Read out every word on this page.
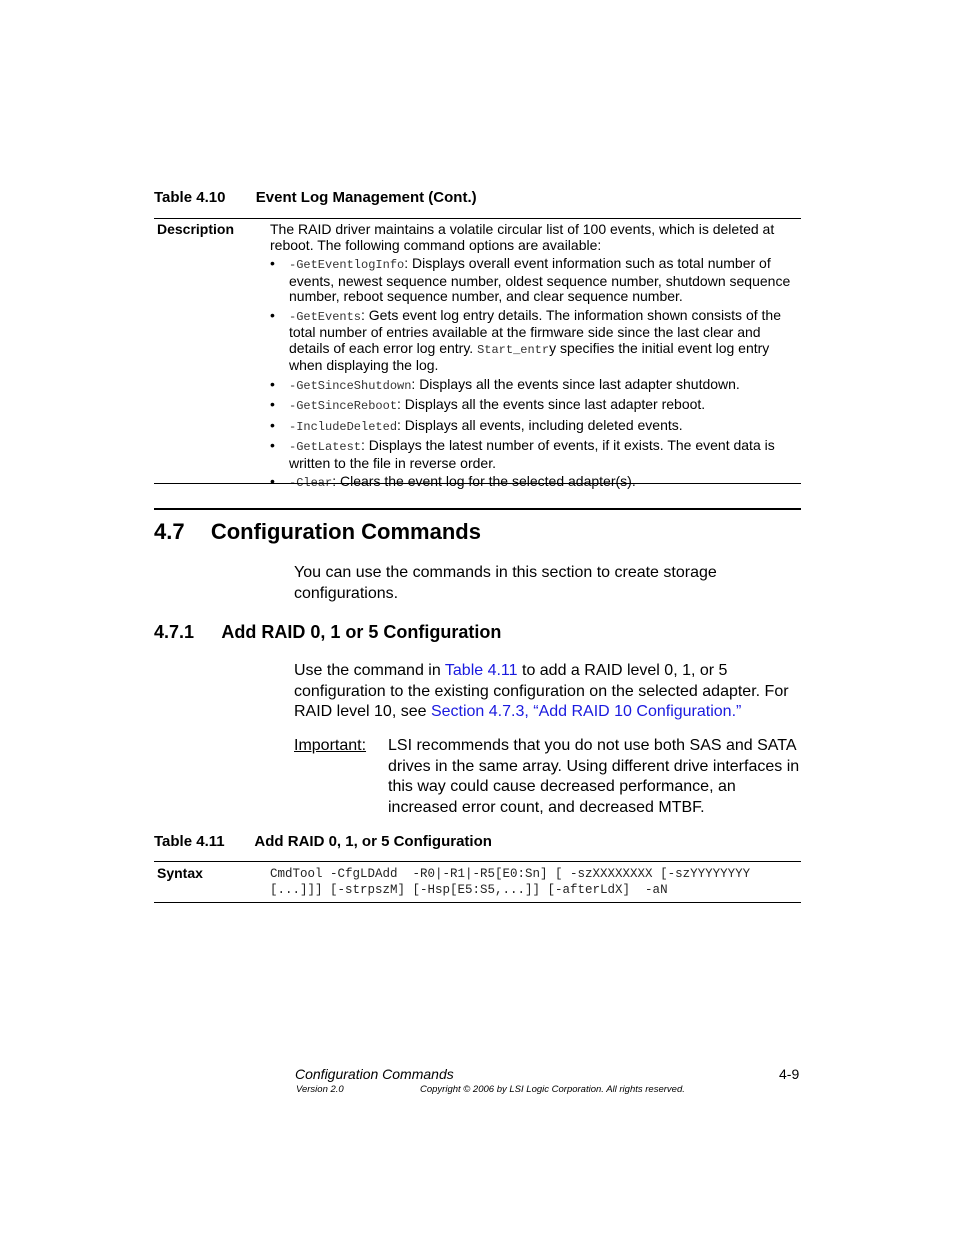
Table 4.10 Event Log Management (Cont.)
Description	The RAID driver maintains a volatile circular list of 100 events, which is deleted at reboot. The following command options are available:
• -GetEventlogInfo: Displays overall event information such as total number of events, newest sequence number, oldest sequence number, shutdown sequence number, reboot sequence number, and clear sequence number.
• -GetEvents: Gets event log entry details. The information shown consists of the total number of entries available at the firmware side since the last clear and details of each error log entry. Start_entry specifies the initial event log entry when displaying the log.
• -GetSinceShutdown: Displays all the events since last adapter shutdown.
• -GetSinceReboot: Displays all the events since last adapter reboot.
• -IncludeDeleted: Displays all events, including deleted events.
• -GetLatest: Displays the latest number of events, if it exists. The event data is written to the file in reverse order.
• -Clear: Clears the event log for the selected adapter(s).
4.7 Configuration Commands
You can use the commands in this section to create storage configurations.
4.7.1 Add RAID 0, 1 or 5 Configuration
Use the command in Table 4.11 to add a RAID level 0, 1, or 5 configuration to the existing configuration on the selected adapter. For RAID level 10, see Section 4.7.3, “Add RAID 10 Configuration.”
Important: LSI recommends that you do not use both SAS and SATA drives in the same array. Using different drive interfaces in this way could cause decreased performance, an increased error count, and decreased MTBF.
Table 4.11 Add RAID 0, 1, or 5 Configuration
Syntax	CmdTool -CfgLDAdd  -R0|-R1|-R5[E0:Sn] [ -szXXXXXXXX [-szYYYYYYYY
[...]]] [-strpszM] [-Hsp[E5:S5,...]] [-afterLdX]  -aN
Configuration Commands	4-9
Version 2.0	Copyright © 2006 by LSI Logic Corporation. All rights reserved.
